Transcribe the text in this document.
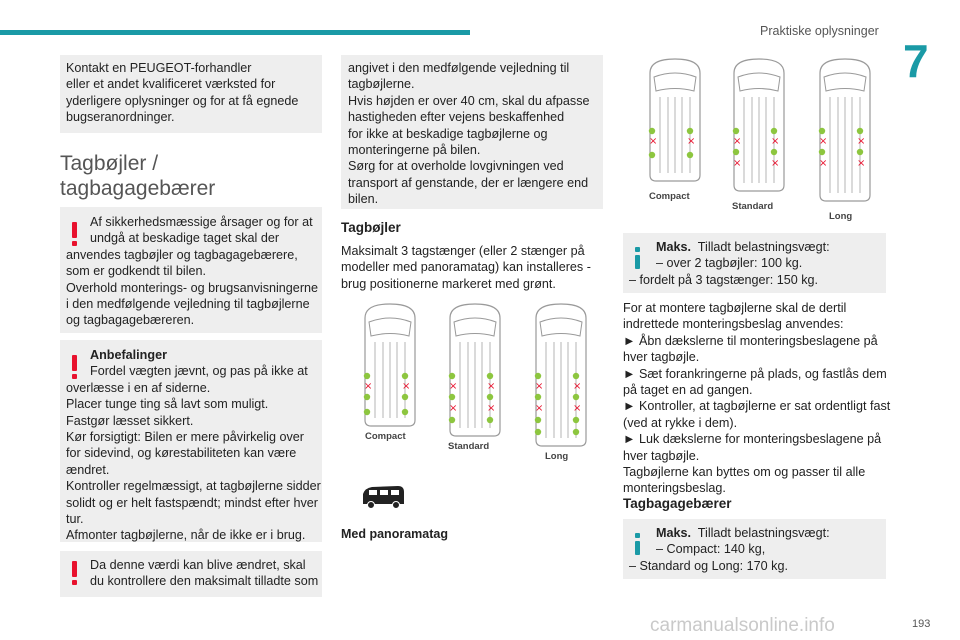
Praktiske oplysninger
7

Kontakt en PEUGEOT-forhandler

eller et andet kvalificeret værksted for

yderligere oplysninger og for at få egnede

bugseranordninger.

Tagbøjler /
tagbagagebærer

Af sikkerhedsmæssige årsager og for at

undgå at beskadige taget skal der

anvendes tagbøjler og tagbagagebærere,

som er godkendt til bilen.

Overhold monterings- og brugsanvisningerne

i den medfølgende vejledning til tagbøjlerne

og tagbagagebæreren.

Anbefalinger

Fordel vægten jævnt, og pas på ikke at

overlæsse i en af siderne.

Placer tunge ting så lavt som muligt.

Fastgør læsset sikkert.

Kør forsigtigt: Bilen er mere påvirkelig over

for sidevind, og kørestabiliteten kan være

ændret.

Kontroller regelmæssigt, at tagbøjlerne sidder

solidt og er helt fastspændt; mindst efter hver

tur.

Afmonter tagbøjlerne, når de ikke er i brug.

Da denne værdi kan blive ændret, skal

du kontrollere den maksimalt tilladte som

angivet i den medfølgende vejledning til

tagbøjlerne.

Hvis højden er over 40 cm, skal du afpasse

hastigheden efter vejens beskaffenhed

for ikke at beskadige tagbøjlerne og

monteringerne på bilen.

Sørg for at overholde lovgivningen ved

transport af genstande, der er længere end

bilen.

Tagbøjler

Maksimalt 3 tagstænger (eller 2 stænger på

modeller med panoramatag) kan installeres -

brug positionerne markeret med grønt.

×	×
Compact
×	×
×	×
Standard
×	×
×	×
Long
Med panoramatag
×	×
Compact
×	×
×	×
Standard
×	×
×	×
Long

Maks. Tilladt belastningsvægt:

– over 2 tagbøjler: 100 kg.

– fordelt på 3 tagstænger: 150 kg.

For at montere tagbøjlerne skal de dertil

indrettede monteringsbeslag anvendes:

► Åbn dækslerne til monteringsbeslagene på

hver tagbøjle.

► Sæt forankringerne på plads, og fastlås dem

på taget en ad gangen.

► Kontroller, at tagbøjlerne er sat ordentligt fast

(ved at rykke i dem).

► Luk dækslerne for monteringsbeslagene på

hver tagbøjle.

Tagbøjlerne kan byttes om og passer til alle

monteringsbeslag.

Tagbagagebærer

Maks. Tilladt belastningsvægt:

– Compact: 140 kg,

– Standard og Long: 170 kg.

carmanualsonline.info	193
